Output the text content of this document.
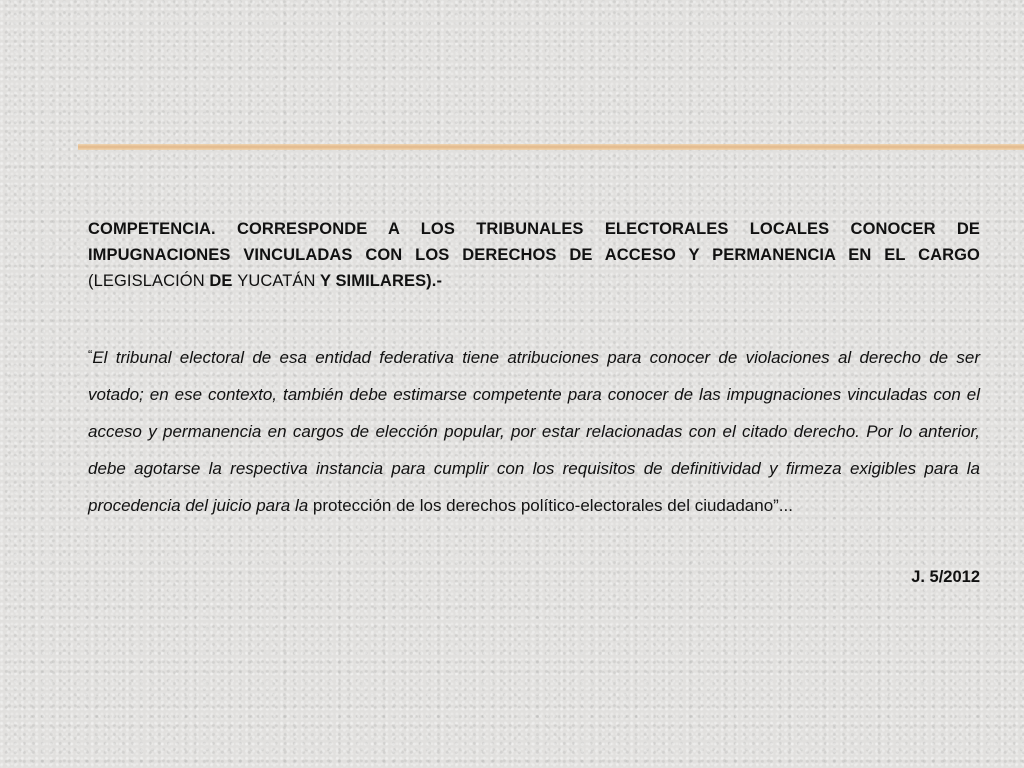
COMPETENCIA. CORRESPONDE A LOS TRIBUNALES ELECTORALES LOCALES CONOCER DE IMPUGNACIONES VINCULADAS CON LOS DERECHOS DE ACCESO Y PERMANENCIA EN EL CARGO (LEGISLACIÓN DE YUCATÁN Y SIMILARES).-

“El tribunal electoral de esa entidad federativa tiene atribuciones para conocer de violaciones al derecho de ser votado; en ese contexto, también debe estimarse competente para conocer de las impugnaciones vinculadas con el acceso y permanencia en cargos de elección popular, por estar relacionadas con el citado derecho. Por lo anterior, debe agotarse la respectiva instancia para cumplir con los requisitos de definitividad y firmeza exigibles para la procedencia del juicio para la protección de los derechos político-electorales del ciudadano”...

J. 5/2012
